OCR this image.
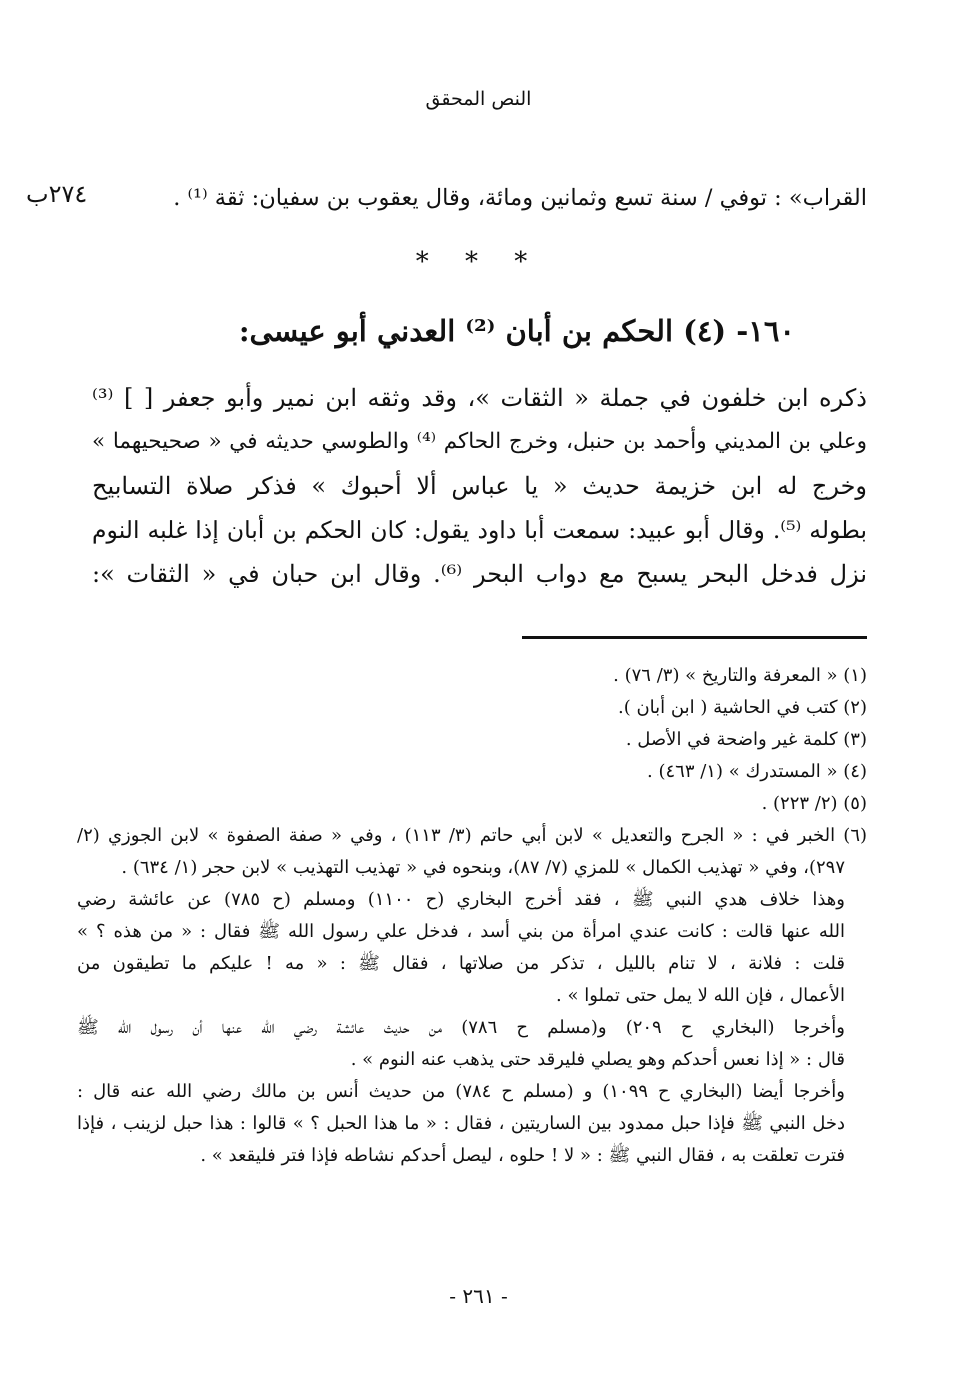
النص المحقق
٢٧٤ب	القراب» : توفي / سنة تسع وثمانين ومائة، وقال يعقوب بن سفيان: ثقة ⁽¹⁾ .
* * *
١٦٠- (٤) الحكم بن أبان ⁽²⁾ العدني أبو عيسى:
ذكره ابن خلفون في جملة « الثقات »، وقد وثقه ابن نمير وأبو جعفر [ ] ⁽³⁾
وعلي بن المديني وأحمد بن حنبل، وخرج الحاكم ⁽⁴⁾ والطوسي حديثه في « صحيحيهما »
وخرج له ابن خزيمة حديث « يا عباس ألا أحبوك » فذكر صلاة التسابيح
بطوله ⁽⁵⁾. وقال أبو عبيد: سمعت أبا داود يقول: كان الحكم بن أبان إذا غلبه النوم
نزل فدخل البحر يسبح مع دواب البحر ⁽⁶⁾. وقال ابن حبان في « الثقات »:
(١) « المعرفة والتاريخ » (٣/ ٧٦) .
(٢) كتب في الحاشية ( ابن أبان ).
(٣) كلمة غير واضحة في الأصل .
(٤) « المستدرك » (١/ ٤٦٣) .
(٥) (٢/ ٢٢٣) .
(٦) الخبر في : « الجرح والتعديل » لابن أبي حاتم (٣/ ١١٣) ، وفي « صفة الصفوة » لابن الجوزي (٢/
٢٩٧)، وفي « تهذيب الكمال » للمزي (٧/ ٨٧)، وبنحوه في « تهذيب التهذيب » لابن حجر (١/ ٦٣٤) .
وهذا خلاف هدي النبي ﷺ ، فقد أخرج البخاري (ح ١١٠٠) ومسلم (ح ٧٨٥) عن عائشة رضي
الله عنها قالت : كانت عندي امرأة من بني أسد ، فدخل علي رسول الله ﷺ فقال : « من هذه ؟ »
قلت : فلانة ، لا تنام بالليل ، تذكر من صلاتها ، فقال ﷺ : « مه ! عليكم ما تطيقون من
الأعمال ، فإن الله لا يمل حتى تملوا » .
وأخرجا (البخاري ح ٢٠٩) و(مسلم ح ٧٨٦) من حديث عائشة رضي الله عنها أن رسول الله ﷺ
قال : « إذا نعس أحدكم وهو يصلي فليرقد حتى يذهب عنه النوم » .
وأخرجا أيضا (البخاري ح ١٠٩٩) و (مسلم ح ٧٨٤) من حديث أنس بن مالك رضي الله عنه قال :
دخل النبي ﷺ فإذا حبل ممدود بين الساريتين ، فقال : « ما هذا الحبل ؟ » قالوا : هذا حبل لزينب ، فإذا
فترت تعلقت به ، فقال النبي ﷺ : « لا ! حلوه ، ليصل أحدكم نشاطه فإذا فتر فليقعد » .
- ٢٦١ -
